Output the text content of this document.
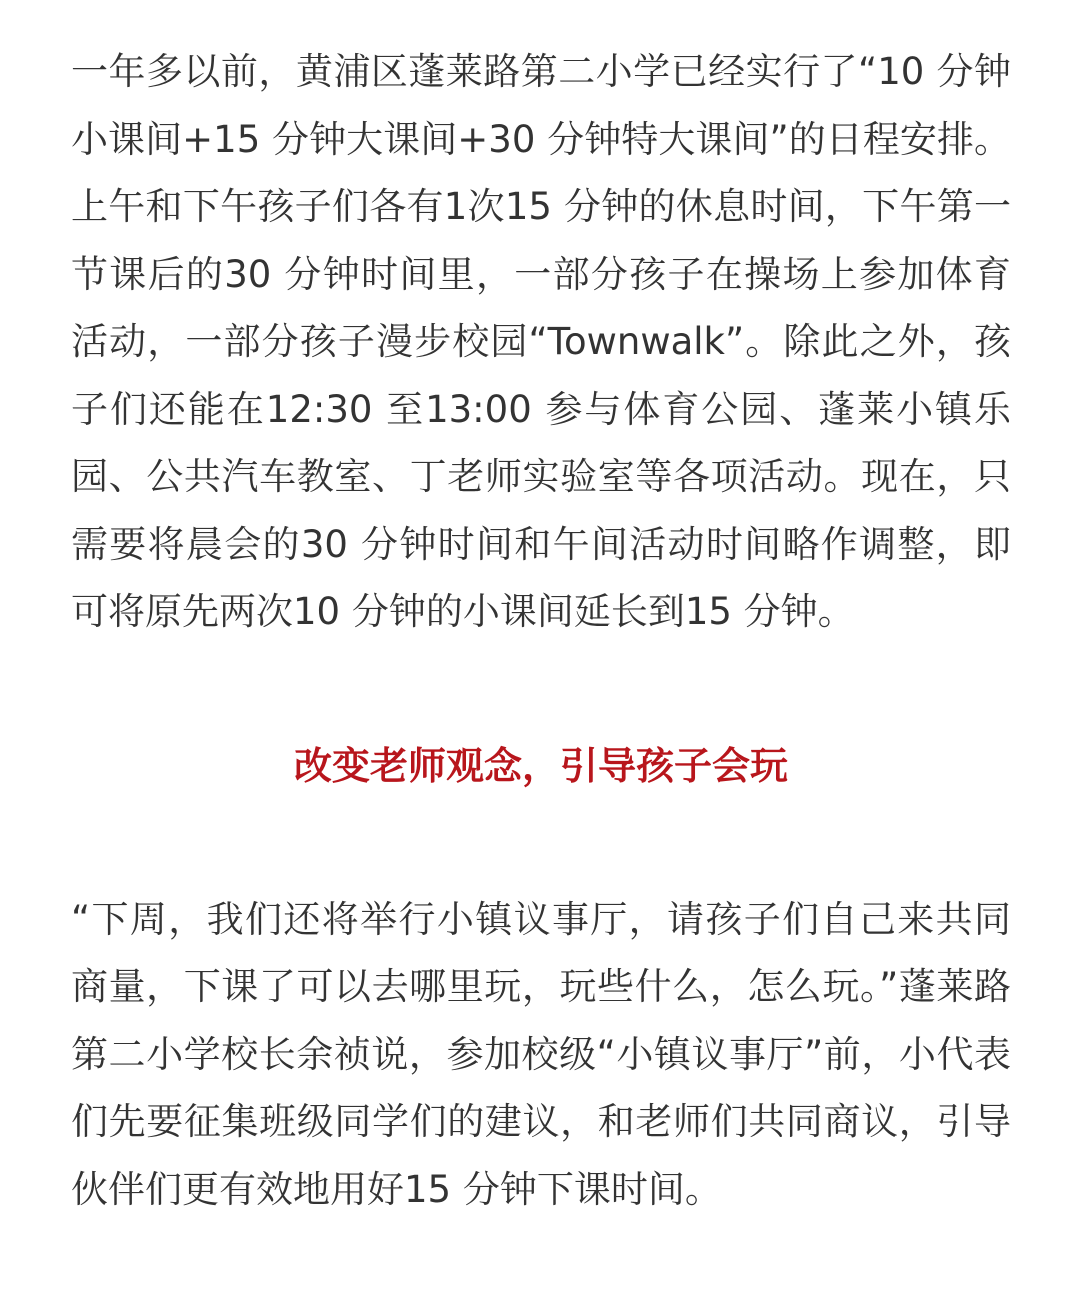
一年多以前，黄浦区蓬莱路第二小学已经实行了“10 分钟小课间+15 分钟大课间+30 分钟特大课间”的日程安排。上午和下午孩子们各有1次15 分钟的休息时间，下午第一节课后的30 分钟时间里，一部分孩子在操场上参加体育活动，一部分孩子漫步校园“Townwalk”。除此之外，孩子们还能在12:30 至13:00 参与体育公园、蓬莱小镇乐园、公共汽车教室、丁老师实验室等各项活动。现在，只需要将晨会的30 分钟时间和午间活动时间略作调整，即可将原先两次10 分钟的小课间延长到15 分钟。

改变老师观念，引导孩子会玩

“下周，我们还将举行小镇议事厅，请孩子们自己来共同商量，下课了可以去哪里玩，玩些什么，怎么玩。”蓬莱路第二小学校长余祯说，参加校级“小镇议事厅”前，小代表们先要征集班级同学们的建议，和老师们共同商议，引导伙伴们更有效地用好15 分钟下课时间。
